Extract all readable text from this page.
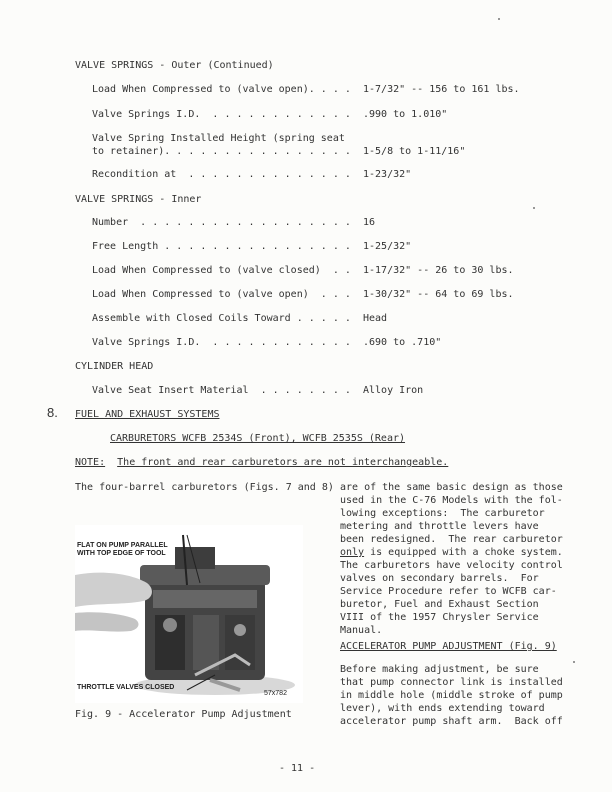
VALVE SPRINGS - Outer (Continued)
Load When Compressed to (valve open). . . . 1-7/32" -- 156 to 161 lbs.
Valve Springs I.D.  . . . . . . . . . . . . .990 to 1.010"
Valve Spring Installed Height (spring seat
to retainer). . . . . . . . . . . . . . . . 1-5/8 to 1-11/16"
Recondition at  . . . . . . . . . . . . . . 1-23/32"
VALVE SPRINGS - Inner
Number  . . . . . . . . . . . . . . . . . . 16
Free Length . . . . . . . . . . . . . . . . 1-25/32"
Load When Compressed to (valve closed)  . . 1-17/32" -- 26 to 30 lbs.
Load When Compressed to (valve open)  . . . 1-30/32" -- 64 to 69 lbs.
Assemble with Closed Coils Toward . . . . . Head
Valve Springs I.D.  . . . . . . . . . . . . .690 to .710"
CYLINDER HEAD
Valve Seat Insert Material  . . . . . . . . Alloy Iron
8. FUEL AND EXHAUST SYSTEMS
CARBURETORS WCFB 2534S (Front), WCFB 2535S (Rear)
NOTE: The front and rear carburetors are not interchangeable.
The four-barrel carburetors (Figs. 7 and 8) are of the same basic design as those
used in the C-76 Models with the fol-
lowing exceptions:  The carburetor
metering and throttle levers have
been redesigned.  The rear carburetor
only is equipped with a choke system.
The carburetors have velocity control
valves on secondary barrels.  For
Service Procedure refer to WCFB car-
buretor, Fuel and Exhaust Section
VIII of the 1957 Chrysler Service
Manual.
ACCELERATOR PUMP ADJUSTMENT (Fig. 9)
Before making adjustment, be sure
that pump connector link is installed
in middle hole (middle stroke of pump
lever), with ends extending toward
accelerator pump shaft arm.  Back off
FLAT ON PUMP PARALLEL
WITH TOP EDGE OF TOOL
THROTTLE VALVES CLOSED
57x782
Fig. 9 - Accelerator Pump Adjustment
- 11 -
